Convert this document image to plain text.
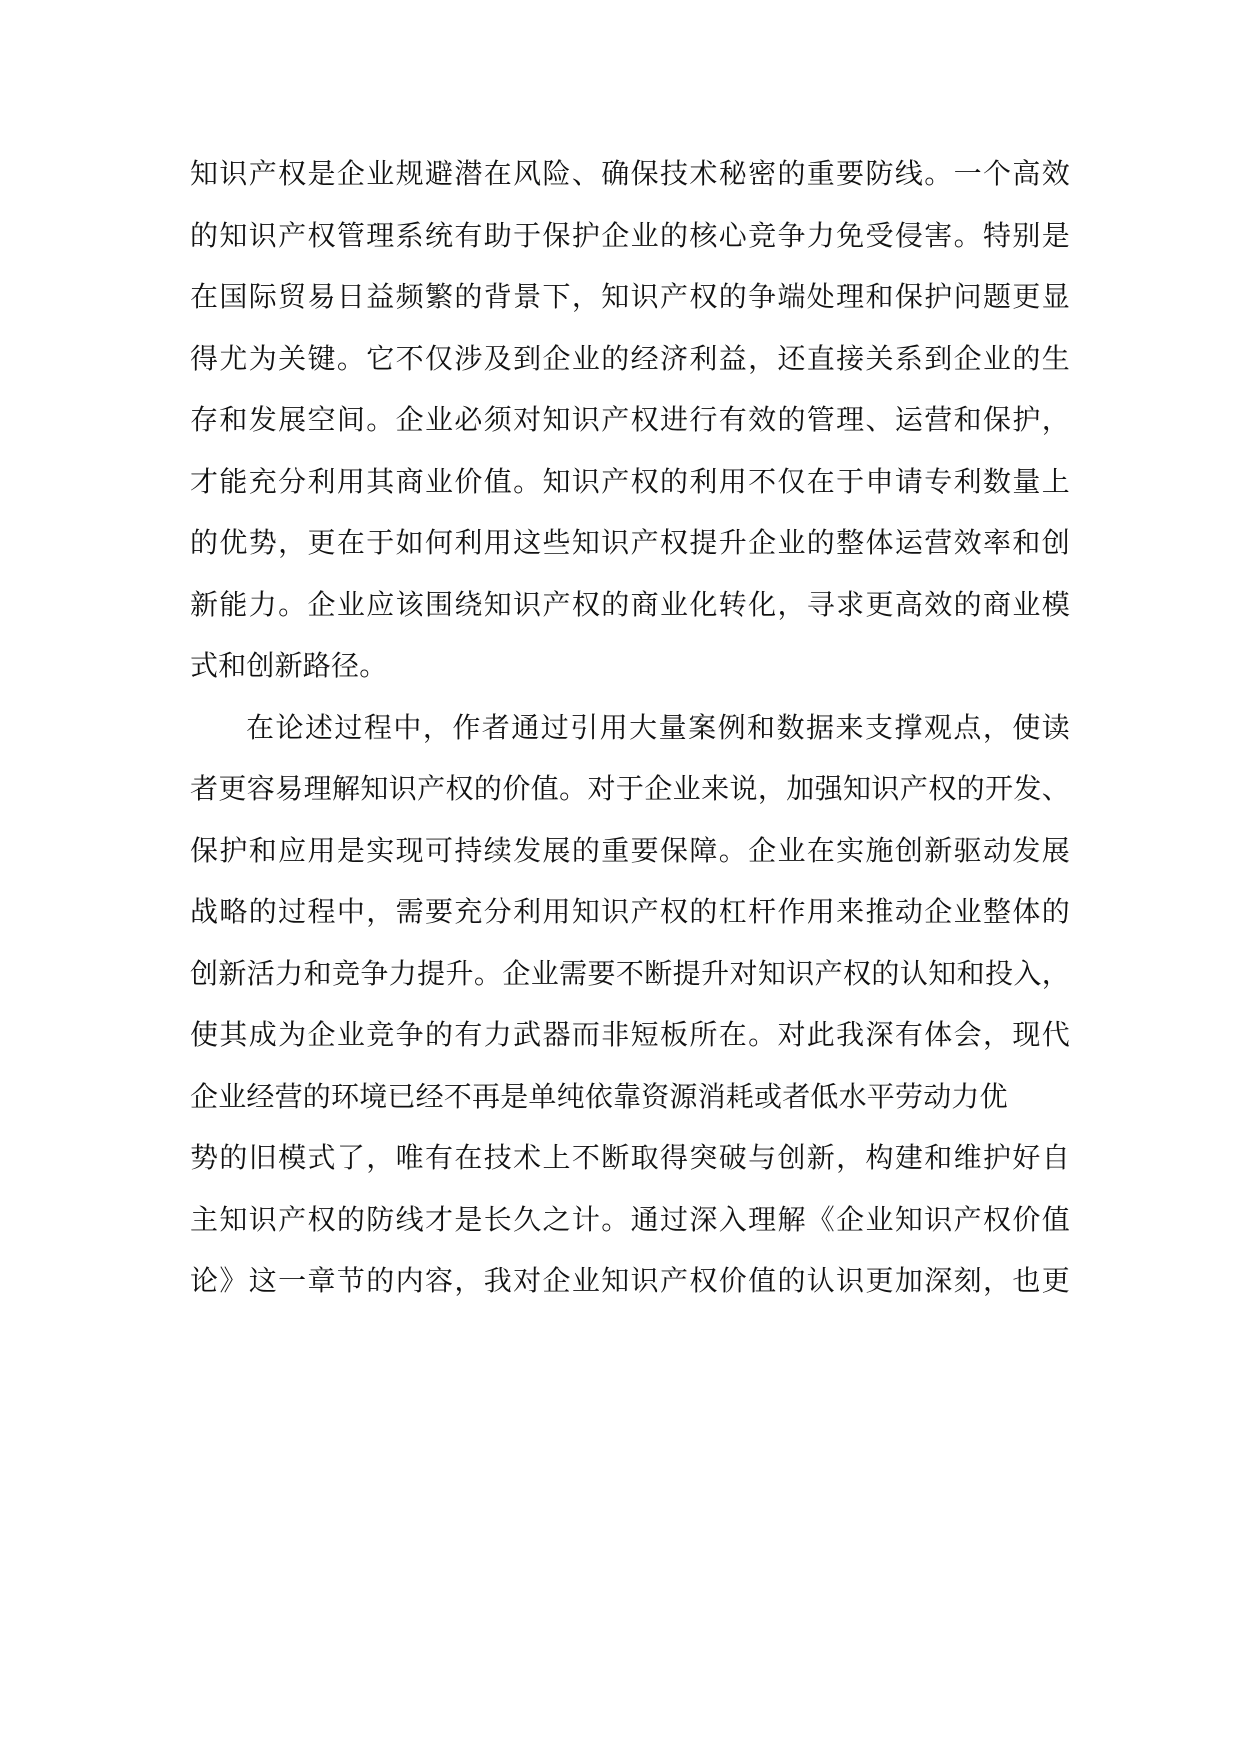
知识产权是企业规避潜在风险、确保技术秘密的重要防线。一个高效
的知识产权管理系统有助于保护企业的核心竞争力免受侵害。特别是
在国际贸易日益频繁的背景下，知识产权的争端处理和保护问题更显
得尤为关键。它不仅涉及到企业的经济利益，还直接关系到企业的生
存和发展空间。企业必须对知识产权进行有效的管理、运营和保护，
才能充分利用其商业价值。知识产权的利用不仅在于申请专利数量上
的优势，更在于如何利用这些知识产权提升企业的整体运营效率和创
新能力。企业应该围绕知识产权的商业化转化，寻求更高效的商业模
式和创新路径。
在论述过程中，作者通过引用大量案例和数据来支撑观点，使读
者更容易理解知识产权的价值。对于企业来说，加强知识产权的开发、
保护和应用是实现可持续发展的重要保障。企业在实施创新驱动发展
战略的过程中，需要充分利用知识产权的杠杆作用来推动企业整体的
创新活力和竞争力提升。企业需要不断提升对知识产权的认知和投入，
使其成为企业竞争的有力武器而非短板所在。对此我深有体会，现代
企业经营的环境已经不再是单纯依靠资源消耗或者低水平劳动力优
势的旧模式了，唯有在技术上不断取得突破与创新，构建和维护好自
主知识产权的防线才是长久之计。通过深入理解《企业知识产权价值
论》这一章节的内容，我对企业知识产权价值的认识更加深刻，也更
